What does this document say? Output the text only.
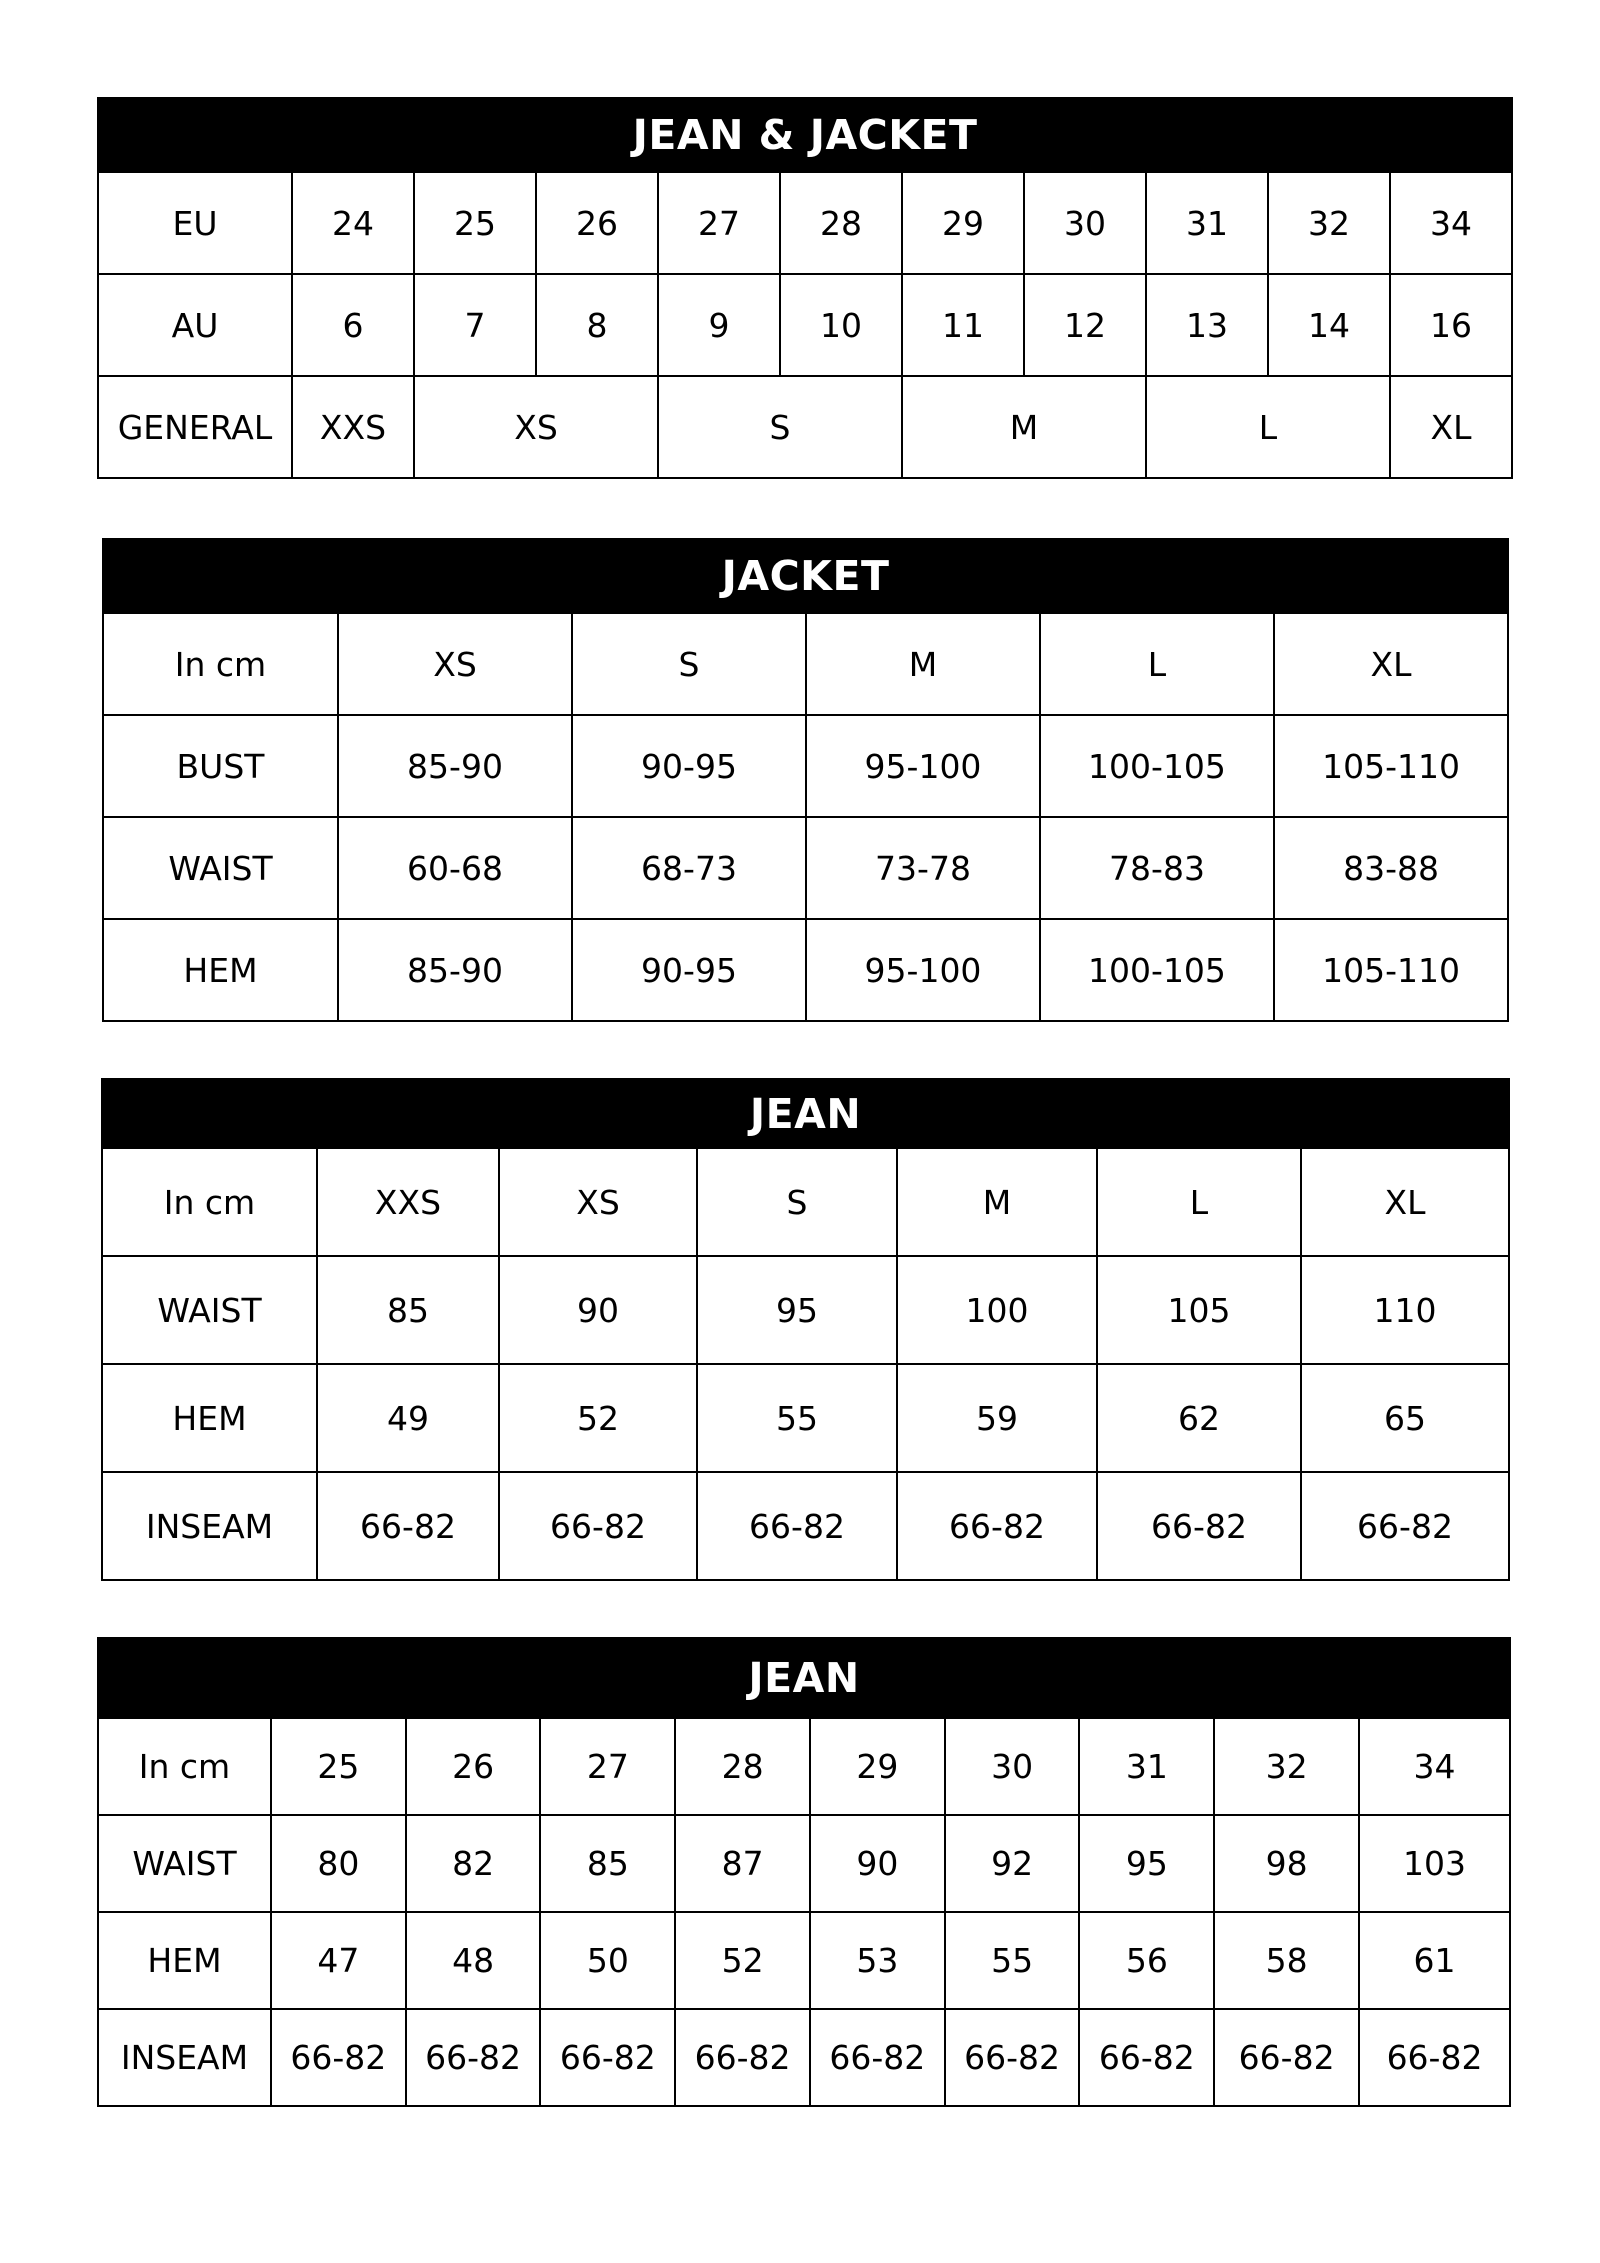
JEAN & JACKET										
EU	24	25	26	27	28	29	30	31	32	34
AU	6	7	8	9	10	11	12	13	14	16
GENERAL	XXS	XS		S		M		L		XL
JACKET					
In cm	XS	S	M	L	XL
BUST	85-90	90-95	95-100	100-105	105-110
WAIST	60-68	68-73	73-78	78-83	83-88
HEM	85-90	90-95	95-100	100-105	105-110
JEAN						
In cm	XXS	XS	S	M	L	XL
WAIST	85	90	95	100	105	110
HEM	49	52	55	59	62	65
INSEAM	66-82	66-82	66-82	66-82	66-82	66-82
JEAN									
In cm	25	26	27	28	29	30	31	32	34
WAIST	80	82	85	87	90	92	95	98	103
HEM	47	48	50	52	53	55	56	58	61
INSEAM	66-82	66-82	66-82	66-82	66-82	66-82	66-82	66-82	66-82
